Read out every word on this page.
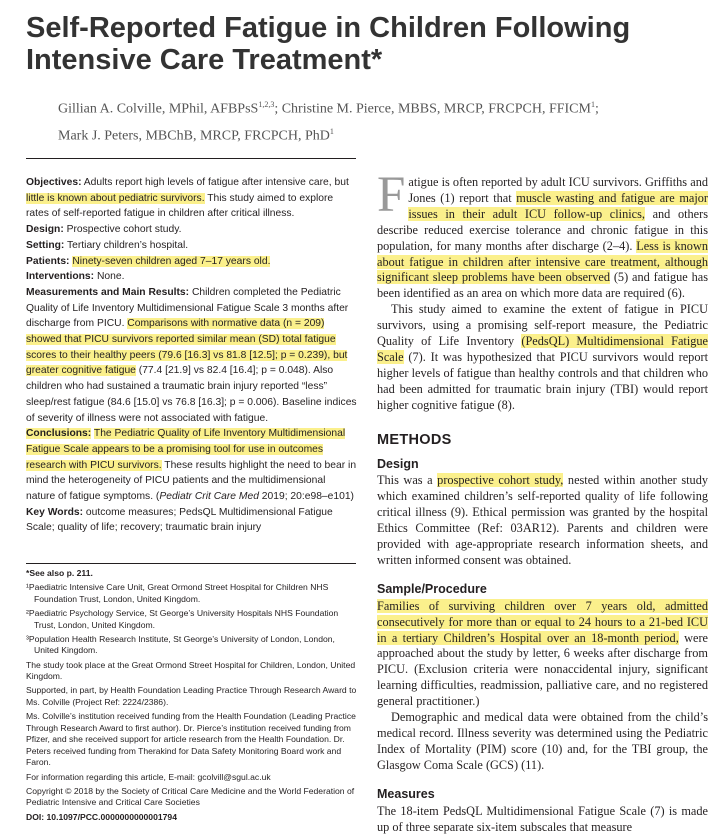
Self-Reported Fatigue in Children Following Intensive Care Treatment*
Gillian A. Colville, MPhil, AFBPsS$^{1,2,3}$; Christine M. Pierce, MBBS, MRCP, FRCPCH, FFICM$^1$;
Mark J. Peters, MBChB, MRCP, FRCPCH, PhD$^1$

Objectives: Adults report high levels of fatigue after intensive care, but little is known about pediatric survivors. This study aimed to explore rates of self-reported fatigue in children after critical illness.

Design: Prospective cohort study.

Setting: Tertiary children’s hospital.

Patients: Ninety-seven children aged 7–17 years old.

Interventions: None.

Measurements and Main Results: Children completed the Pediatric Quality of Life Inventory Multidimensional Fatigue Scale 3 months after discharge from PICU. Comparisons with normative data (n = 209) showed that PICU survivors reported similar mean (SD) total fatigue scores to their healthy peers (79.6 [16.3] vs 81.8 [12.5]; p = 0.239), but greater cognitive fatigue (77.4 [21.9] vs 82.4 [16.4]; p = 0.048). Also children who had sustained a traumatic brain injury reported “less” sleep/rest fatigue (84.6 [15.0] vs 76.8 [16.3]; p = 0.006). Baseline indices of severity of illness were not associated with fatigue.

Conclusions: The Pediatric Quality of Life Inventory Multidimensional Fatigue Scale appears to be a promising tool for use in outcomes research with PICU survivors. These results highlight the need to bear in mind the heterogeneity of PICU patients and the multidimensional nature of fatigue symptoms. (Pediatr Crit Care Med 2019; 20:e98–e101)

Key Words: outcome measures; PedsQL Multidimensional Fatigue Scale; quality of life; recovery; traumatic brain injury

*See also p. 211.

¹Paediatric Intensive Care Unit, Great Ormond Street Hospital for Children NHS Foundation Trust, London, United Kingdom.

²Paediatric Psychology Service, St George’s University Hospitals NHS Foundation Trust, London, United Kingdom.

³Population Health Research Institute, St George’s University of London, London, United Kingdom.

The study took place at the Great Ormond Street Hospital for Children, London, United Kingdom.

Supported, in part, by Health Foundation Leading Practice Through Research Award to Ms. Colville (Project Ref: 2224/2386).

Ms. Colville’s institution received funding from the Health Foundation (Leading Practice Through Research Award to first author). Dr. Pierce’s institution received funding from Pfizer, and she received support for article research from the Health Foundation. Dr. Peters received funding from Therakind for Data Safety Monitoring Board work and Faron.

For information regarding this article, E-mail: gcolvill@sgul.ac.uk

Copyright © 2018 by the Society of Critical Care Medicine and the World Federation of Pediatric Intensive and Critical Care Societies

DOI: 10.1097/PCC.0000000000001794

Fatigue is often reported by adult ICU survivors. Griffiths and Jones (1) report that muscle wasting and fatigue are major issues in their adult ICU follow-up clinics, and others describe reduced exercise tolerance and chronic fatigue in this population, for many months after discharge (2–4). Less is known about fatigue in children after intensive care treatment, although significant sleep problems have been observed (5) and fatigue has been identified as an area on which more data are required (6).

This study aimed to examine the extent of fatigue in PICU survivors, using a promising self-report measure, the Pediatric Quality of Life Inventory (PedsQL) Multidimensional Fatigue Scale (7). It was hypothesized that PICU survivors would report higher levels of fatigue than healthy controls and that children who had been admitted for traumatic brain injury (TBI) would report higher cognitive fatigue (8).

METHODS
Design

This was a prospective cohort study, nested within another study which examined children’s self-reported quality of life following critical illness (9). Ethical permission was granted by the hospital Ethics Committee (Ref: 03AR12). Parents and children were provided with age-appropriate research information sheets, and written informed consent was obtained.

Sample/Procedure

Families of surviving children over 7 years old, admitted consecutively for more than or equal to 24 hours to a 21-bed ICU in a tertiary Children’s Hospital over an 18-month period, were approached about the study by letter, 6 weeks after discharge from PICU. (Exclusion criteria were nonaccidental injury, significant learning difficulties, readmission, palliative care, and no registered general practitioner.)

Demographic and medical data were obtained from the child’s medical record. Illness severity was determined using the Pediatric Index of Mortality (PIM) score (10) and, for the TBI group, the Glasgow Coma Scale (GCS) (11).

Measures

The 18-item PedsQL Multidimensional Fatigue Scale (7) is made up of three separate six-item subscales that measure
